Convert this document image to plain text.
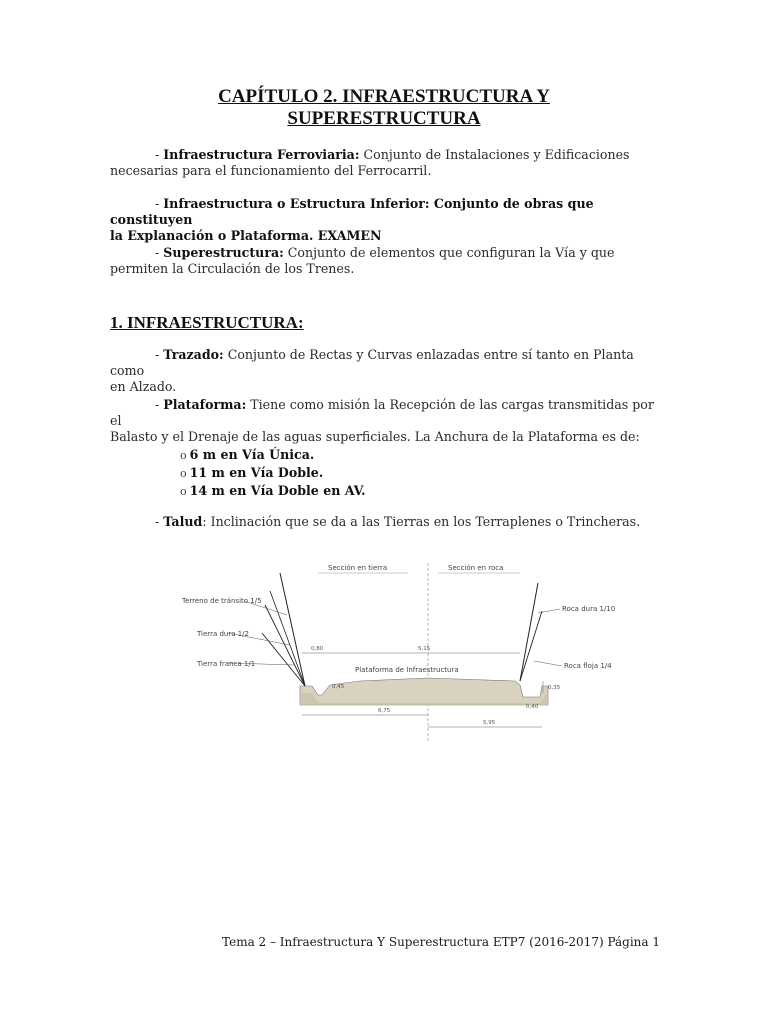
CAPÍTULO 2. INFRAESTRUCTURA Y
SUPERESTRUCTURA
- Infraestructura Ferroviaria: Conjunto de Instalaciones y Edificaciones
necesarias para el funcionamiento del Ferrocarril.
- Infraestructura o Estructura Inferior: Conjunto de obras que constituyen
la Explanación o Plataforma. EXAMEN
- Superestructura: Conjunto de elementos que configuran la Vía y que
permiten la Circulación de los Trenes.
1. INFRAESTRUCTURA:
- Trazado: Conjunto de Rectas y Curvas enlazadas entre sí tanto en Planta como
en Alzado.
- Plataforma: Tiene como misión la Recepción de las cargas transmitidas por el
Balasto y el Drenaje de las aguas superficiales. La Anchura de la Plataforma es de:
o 6 m en Vía Única.
o 11 m en Vía Doble.
o 14 m en Vía Doble en AV.
- Talud: Inclinación que se da a las Tierras en los Terraplenes o Trincheras.
Sección en tierra	Sección en roca
Plataforma de Infraestructura
Terreno de tránsito 1/5
Tierra dura 1/2
Tierra franca 1/1
Roca dura 1/10
Roca floja 1/4
0,80	5,15
0,45	0,35
0,40
6,75
5,95
Tema 2 – Infraestructura Y Superestructura ETP7 (2016-2017) Página 1
